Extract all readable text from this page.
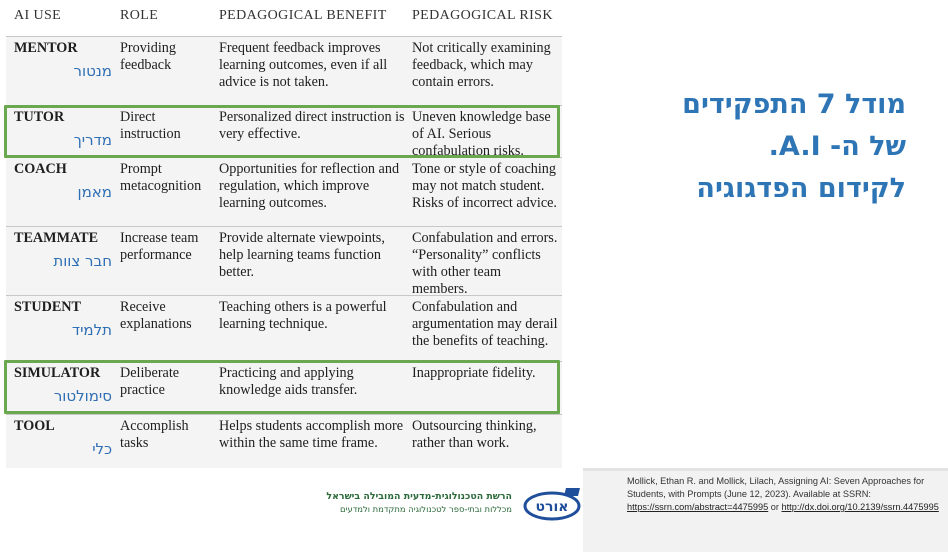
AI USE	ROLE	PEDAGOGICAL BENEFIT PEDAGOGICAL RISK
MENTOR
מנטור
Providing feedback
Frequent feedback improves learning outcomes, even if all advice is not taken.
Not critically examining feedback, which may contain errors.
TUTOR
מדריך
Direct instruction
Personalized direct instruction is very effective.
Uneven knowledge base of AI. Serious confabulation risks.
COACH
מאמן
Prompt metacognition
Opportunities for reflection and regulation, which improve learning outcomes.
Tone or style of coaching may not match student. Risks of incorrect advice.
TEAMMATE
חבר צוות
Increase team performance
Provide alternate viewpoints, help learning teams function better.
Confabulation and errors. “Personality” conflicts with other team members.
STUDENT
תלמיד
Receive explanations
Teaching others is a powerful learning technique.
Confabulation and argumentation may derail the benefits of teaching.
SIMULATOR
סימולטור
Deliberate practice
Practicing and applying knowledge aids transfer.
Inappropriate fidelity.
TOOL
כלי
Accomplish tasks
Helps students accomplish more within the same time frame.
Outsourcing thinking, rather than work.
מודל 7 התפקידים
של ה- A.I.
לקידום הפדגוגיה
הרשת הטכנולוגית-מדעית המובילה בישראל
מכללות ובתי-ספר לטכנולוגיה מתקדמת ולמדעים אורט
Mollick, Ethan R. and Mollick, Lilach, Assigning AI: Seven Approaches for Students, with Prompts (June 12, 2023). Available at SSRN: https://ssrn.com/abstract=4475995 or http://dx.doi.org/10.2139/ssrn.4475995
